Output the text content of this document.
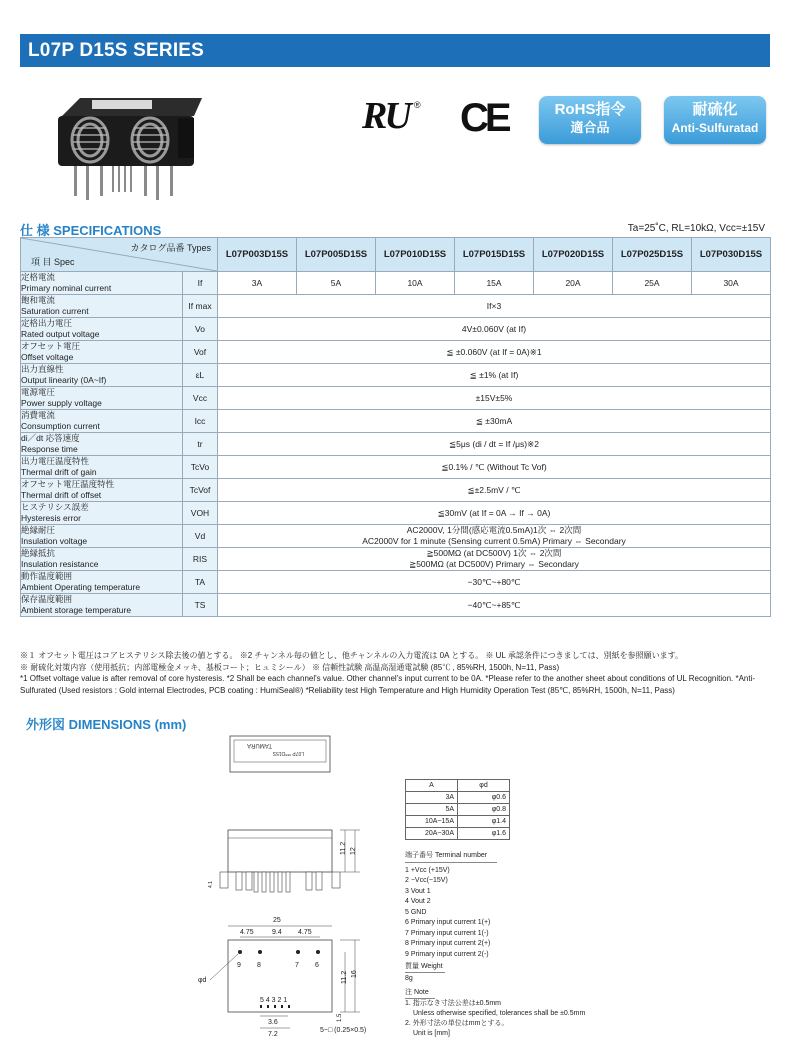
L07P D15S SERIES
RU ® CE	RoHS指令
適合品
耐硫化
Anti-Sulfuratad
仕 様 SPECIFICATIONS	Ta=25˚C, RL=10kΩ, Vcc=±15V
カタログ品番 Types
項 目 Spec		L07P003D15S	L07P005D15S	L07P010D15S	L07P015D15S	L07P020D15S	L07P025D15S	L07P030D15S

定格電流
Primary nominal current	If	3A	5A	10A	15A	20A	25A	30A

飽和電流
Saturation current	If max	If×3						

定格出力電圧
Rated output voltage	Vo	4V±0.060V (at If)						

オフセット電圧
Offset voltage	Vof	≦ ±0.060V (at If = 0A)※1						

出力直線性
Output linearity (0A~If)	εL	≦ ±1% (at If)						

電源電圧
Power supply voltage	Vcc	±15V±5%						

消費電流
Consumption current	Icc	≦ ±30mA						

di／dt 応答速度
Response time	tr	≦5μs (di / dt = If /μs)※2						

出力電圧温度特性
Thermal drift of gain	TcVo	≦0.1% / ℃ (Without Tc Vof)						

オフセット電圧温度特性
Thermal drift of offset	TcVof	≦±2.5mV / ℃						

ヒステリシス誤差
Hysteresis error	VOH	≦30mV (at If = 0A → If → 0A)						

絶縁耐圧
Insulation voltage	Vd	AC2000V, 1分間(感応電流0.5mA)1次 ⇔ 2次間
AC2000V for 1 minute (Sensing current 0.5mA) Primary ⇔ Secondary						

絶縁抵抗
Insulation resistance	RIS	≧500MΩ (at DC500V) 1次 ⇔ 2次間
≧500MΩ (at DC500V) Primary ⇔ Secondary						

動作温度範囲
Ambient Operating temperature	TA	−30℃~+80℃						

保存温度範囲
Ambient storage temperature	TS	−40℃~+85℃						
※１ オフセット電圧はコアヒステリシス除去後の値とする。 ※2 チャンネル毎の値とし、他チャンネルの入力電流は 0A とする。 ※ UL 承認条件につきましては、別紙を参照願います。
※ 耐硫化対策内容（使用抵抗；内部電極金メッキ、基板コート；ヒュミシール） ※ 信頼性試験 高温高湿通電試験 (85℃ , 85%RH, 1500h, N=11, Pass)
*1 Offset voltage value is after removal of core hysteresis. *2 Shall be each channel's value. Other channel's input current to be 0A. *Please refer to the another sheet about conditions of UL Recognition. *Anti-
Sulfurated (Used resistors : Gold internal Electrodes, PCB coating : HumiSeal®) *Reliability test High Temperature and High Humidity Operation Test (85℃, 85%RH, 1500h, N=11, Pass)
外形図 DIMENSIONS (mm)
TAMURA
L07P ***D15S
11.2 12
4.1
25
4.75	9.4 4.75
9 8	7 6
φd
5 4 3 2 1
11.2 16
1.5
3.6
7.2
5−□ (0.25×0.5)
A	φd
3A	φ0.6
5A	φ0.8
10A~15A	φ1.4
20A~30A	φ1.6
端子番号 Terminal number
1 +Vcc (+15V)
2 −Vcc(−15V)
3 Vout 1
4 Vout 2
5 GND
6 Primary input current 1(+)
7 Primary input current 1(-)
8 Primary input current 2(+)
9 Primary input current 2(-)
質量 Weight
8g
注 Note
1. 指示なき寸法公差は±0.5mm
Unless otherwise specified, tolerances shall be ±0.5mm
2. 外形寸法の単位はmmとする。
Unit is [mm]
